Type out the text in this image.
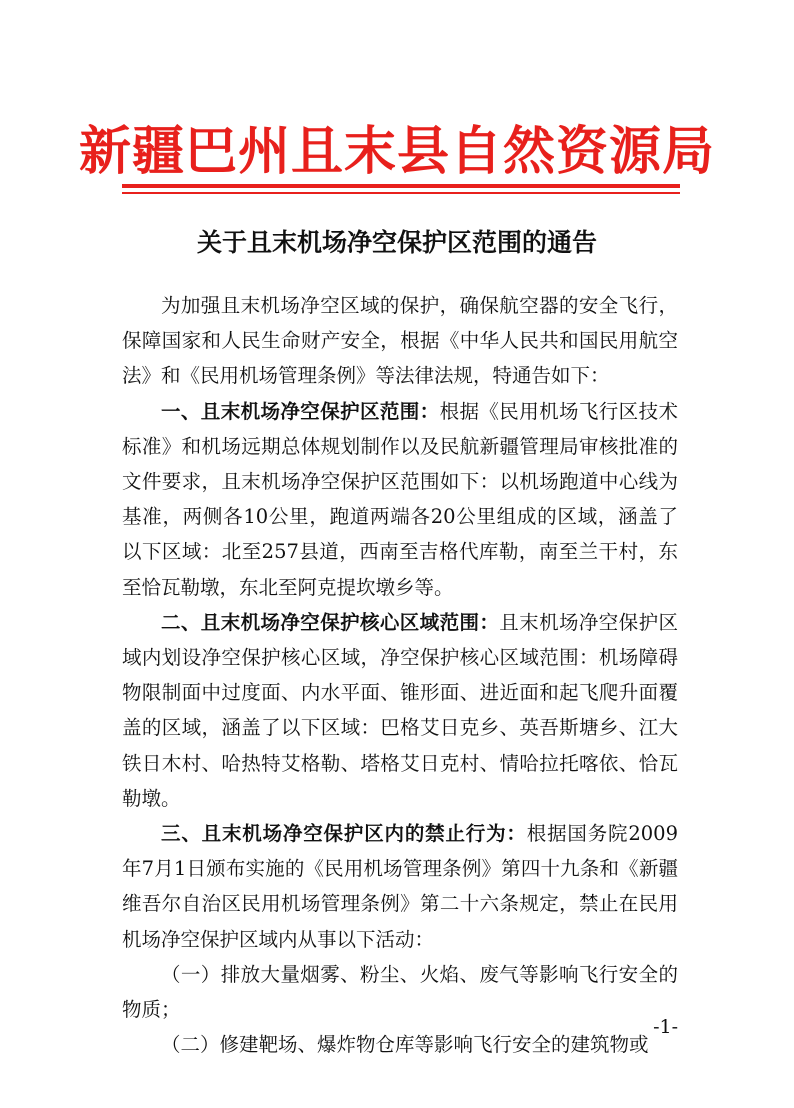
新疆巴州且末县自然资源局
关于且末机场净空保护区范围的通告

为加强且末机场净空区域的保护，确保航空器的安全飞行，保障国家和人民生命财产安全，根据《中华人民共和国民用航空法》和《民用机场管理条例》等法律法规，特通告如下：

一、且末机场净空保护区范围：根据《民用机场飞行区技术标准》和机场远期总体规划制作以及民航新疆管理局审核批准的文件要求，且末机场净空保护区范围如下：以机场跑道中心线为基准，两侧各10公里，跑道两端各20公里组成的区域，涵盖了以下区域：北至257县道，西南至吉格代库勒，南至兰干村，东至恰瓦勒墩，东北至阿克提坎墩乡等。

二、且末机场净空保护核心区域范围：且末机场净空保护区域内划设净空保护核心区域，净空保护核心区域范围：机场障碍物限制面中过度面、内水平面、锥形面、进近面和起飞爬升面覆盖的区域，涵盖了以下区域：巴格艾日克乡、英吾斯塘乡、江大铁日木村、哈热特艾格勒、塔格艾日克村、情哈拉托喀依、恰瓦勒墩。

三、且末机场净空保护区内的禁止行为：根据国务院2009年7月1日颁布实施的《民用机场管理条例》第四十九条和《新疆维吾尔自治区民用机场管理条例》第二十六条规定，禁止在民用机场净空保护区域内从事以下活动：

（一）排放大量烟雾、粉尘、火焰、废气等影响飞行安全的物质；

（二）修建靶场、爆炸物仓库等影响飞行安全的建筑物或

-1-
